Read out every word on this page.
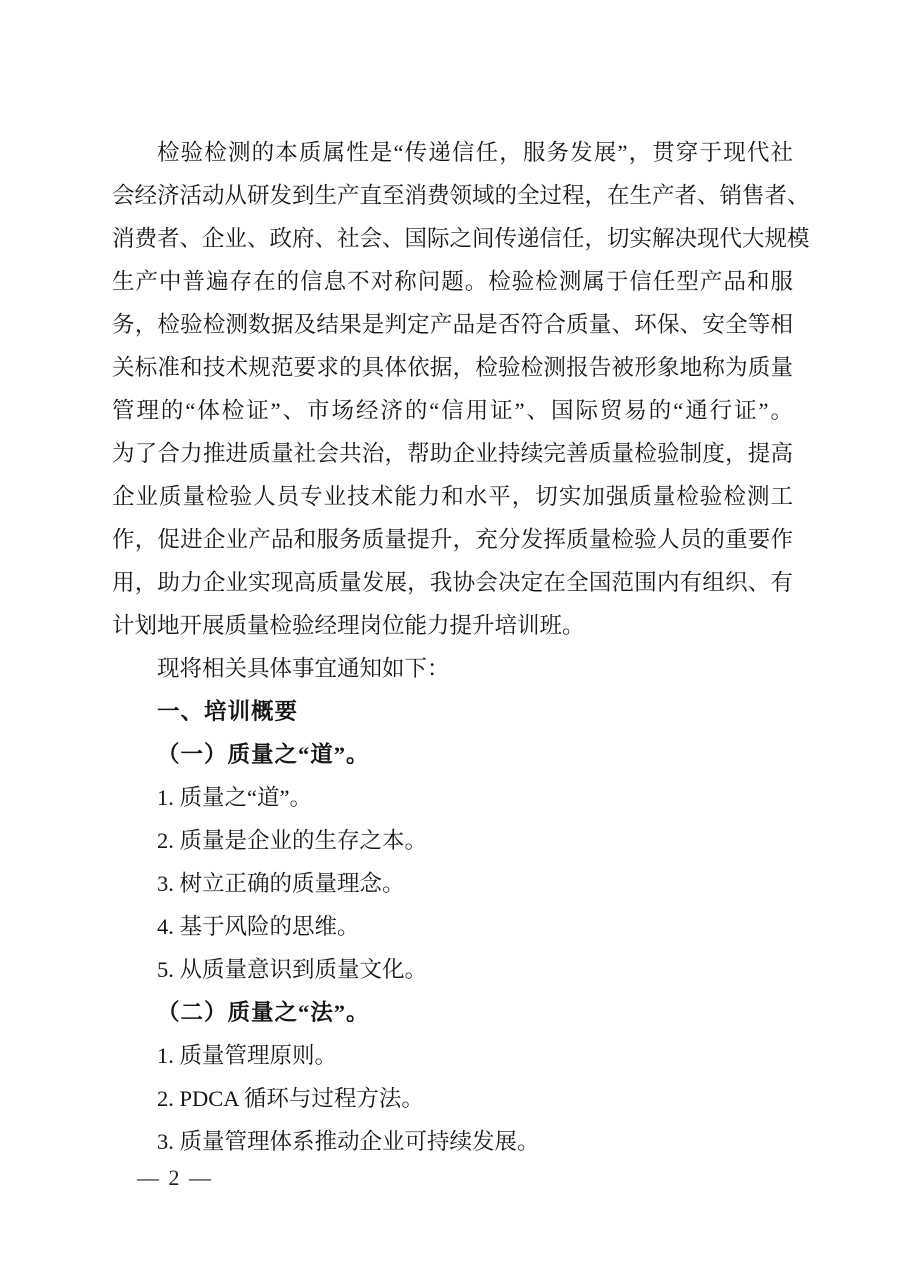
检验检测的本质属性是“传递信任，服务发展”，贯穿于现代社
会经济活动从研发到生产直至消费领域的全过程，在生产者、销售者、
消费者、企业、政府、社会、国际之间传递信任，切实解决现代大规模
生产中普遍存在的信息不对称问题。检验检测属于信任型产品和服
务，检验检测数据及结果是判定产品是否符合质量、环保、安全等相
关标准和技术规范要求的具体依据，检验检测报告被形象地称为质量
管理的“体检证”、市场经济的“信用证”、国际贸易的“通行证”。
为了合力推进质量社会共治，帮助企业持续完善质量检验制度，提高
企业质量检验人员专业技术能力和水平，切实加强质量检验检测工
作，促进企业产品和服务质量提升，充分发挥质量检验人员的重要作
用，助力企业实现高质量发展，我协会决定在全国范围内有组织、有
计划地开展质量检验经理岗位能力提升培训班。
现将相关具体事宜通知如下：
一、培训概要
（一）质量之“道”。
1. 质量之“道”。
2. 质量是企业的生存之本。
3. 树立正确的质量理念。
4. 基于风险的思维。
5. 从质量意识到质量文化。
（二）质量之“法”。
1. 质量管理原则。
2. PDCA 循环与过程方法。
3. 质量管理体系推动企业可持续发展。
— 2 —
